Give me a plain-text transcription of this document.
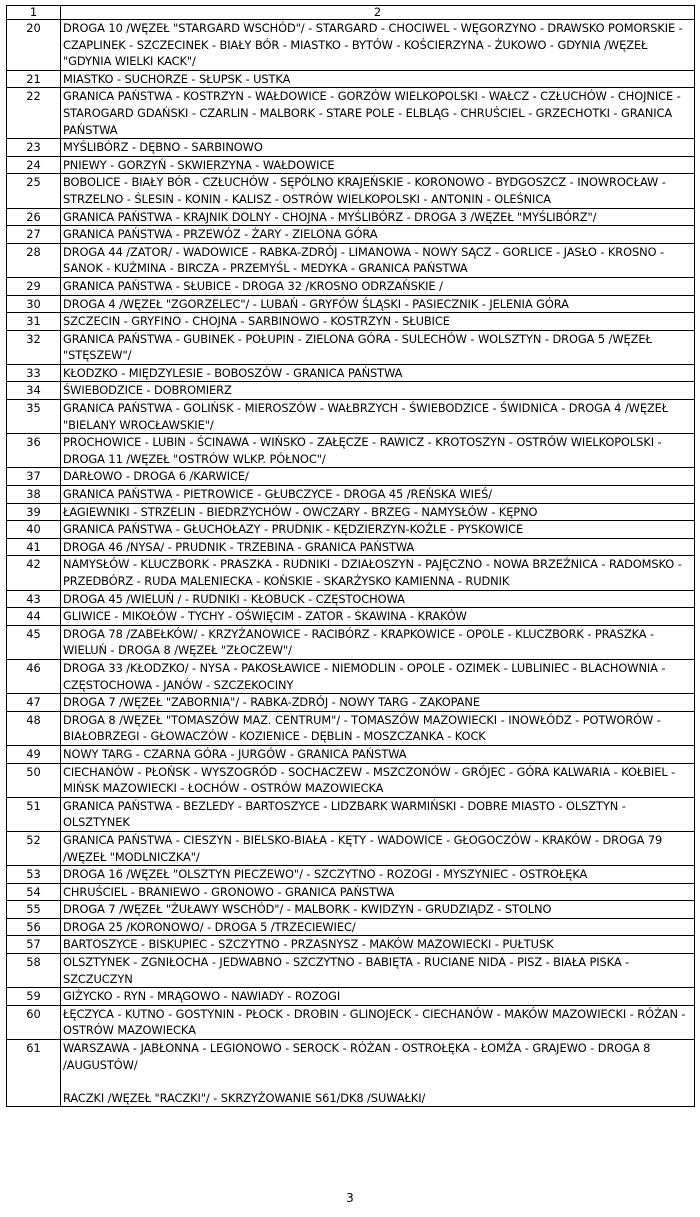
1	2
20	DROGA 10 /WĘZEŁ "STARGARD WSCHÓD"/ - STARGARD - CHOCIWEL - WĘGORZYNO - DRAWSKO POMORSKIE - CZAPLINEK - SZCZECINEK - BIAŁY BÓR - MIASTKO - BYTÓW - KOŚCIERZYNA - ŻUKOWO - GDYNIA /WĘZEŁ "GDYNIA WIELKI KACK"/
21	MIASTKO - SUCHORZE - SŁUPSK - USTKA
22	GRANICA PAŃSTWA - KOSTRZYN - WAŁDOWICE - GORZÓW WIELKOPOLSKI - WAŁCZ - CZŁUCHÓW - CHOJNICE - STAROGARD GDAŃSKI - CZARLIN - MALBORK - STARE POLE - ELBLĄG - CHRUŚCIEL - GRZECHOTKI - GRANICA PAŃSTWA
23	MYŚLIBÓRZ - DĘBNO - SARBINOWO
24	PNIEWY - GORZYŃ - SKWIERZYNA - WAŁDOWICE
25	BOBOLICE - BIAŁY BÓR - CZŁUCHÓW - SĘPÓLNO KRAJEŃSKIE - KORONOWO - BYDGOSZCZ - INOWROCŁAW - STRZELNO - ŚLESIN - KONIN - KALISZ - OSTRÓW WIELKOPOLSKI - ANTONIN - OLEŚNICA
26	GRANICA PAŃSTWA - KRAJNIK DOLNY - CHOJNA - MYŚLIBÓRZ - DROGA 3 /WĘZEŁ "MYŚLIBÓRZ"/
27	GRANICA PAŃSTWA - PRZEWÓZ - ŻARY - ZIELONA GÓRA
28	DROGA 44 /ZATOR/ - WADOWICE - RABKA-ZDRÓJ - LIMANOWA - NOWY SĄCZ - GORLICE - JASŁO - KROSNO - SANOK - KUŹMINA - BIRCZA - PRZEMYŚL - MEDYKA - GRANICA PAŃSTWA
29	GRANICA PAŃSTWA - SŁUBICE - DROGA 32 /KROSNO ODRZAŃSKIE /
30	DROGA 4 /WĘZEŁ "ZGORZELEC"/ - LUBAŃ - GRYFÓW ŚLĄSKI - PASIECZNIK - JELENIA GÓRA
31	SZCZECIN - GRYFINO - CHOJNA - SARBINOWO - KOSTRZYN - SŁUBICE
32	GRANICA PAŃSTWA - GUBINEK - POŁUPIN - ZIELONA GÓRA - SULECHÓW - WOLSZTYN - DROGA 5 /WĘZEŁ "STĘSZEW"/
33	KŁODZKO - MIĘDZYLESIE - BOBOSZÓW - GRANICA PAŃSTWA
34	ŚWIEBODZICE - DOBROMIERZ
35	GRANICA PAŃSTWA - GOLIŃSK - MIEROSZÓW - WAŁBRZYCH - ŚWIEBODZICE - ŚWIDNICA - DROGA 4 /WĘZEŁ "BIELANY WROCŁAWSKIE"/
36	PROCHOWICE - LUBIN - ŚCINAWA - WIŃSKO - ZAŁĘCZE - RAWICZ - KROTOSZYN - OSTRÓW WIELKOPOLSKI - DROGA 11 /WĘZEŁ "OSTRÓW WLKP. PÓŁNOC"/
37	DARŁOWO - DROGA 6 /KARWICE/
38	GRANICA PAŃSTWA - PIETROWICE - GŁUBCZYCE - DROGA 45 /REŃSKA WIEŚ/
39	ŁAGIEWNIKI - STRZELIN - BIEDRZYCHÓW - OWCZARY - BRZEG - NAMYSŁÓW - KĘPNO
40	GRANICA PAŃSTWA - GŁUCHOŁAZY - PRUDNIK - KĘDZIERZYN-KOŹLE - PYSKOWICE
41	DROGA 46 /NYSA/ - PRUDNIK - TRZEBINA - GRANICA PAŃSTWA
42	NAMYSŁÓW - KLUCZBORK - PRASZKA - RUDNIKI - DZIAŁOSZYN - PAJĘCZNO - NOWA BRZEŹNICA - RADOMSKO - PRZEDBÓRZ - RUDA MALENIECKA - KOŃSKIE - SKARŻYSKO KAMIENNA - RUDNIK
43	DROGA 45 /WIELUŃ / - RUDNIKI - KŁOBUCK - CZĘSTOCHOWA
44	GLIWICE - MIKOŁÓW - TYCHY - OŚWIĘCIM - ZATOR - SKAWINA - KRAKÓW
45	DROGA 78 /ZABEŁKÓW/ - KRZYŻANOWICE - RACIBÓRZ - KRAPKOWICE - OPOLE - KLUCZBORK - PRASZKA - WIELUŃ - DROGA 8 /WĘZEŁ "ZŁOCZEW"/
46	DROGA 33 /KŁODZKO/ - NYSA - PAKOSŁAWICE - NIEMODLIN - OPOLE - OZIMEK - LUBLINIEC - BLACHOWNIA - CZĘSTOCHOWA - JANÓW - SZCZEKOCINY
47	DROGA 7 /WĘZEŁ "ZABORNIA"/ - RABKA-ZDRÓJ - NOWY TARG - ZAKOPANE
48	DROGA 8 /WĘZEŁ "TOMASZÓW MAZ. CENTRUM"/ - TOMASZÓW MAZOWIECKI - INOWŁÓDZ - POTWORÓW - BIAŁOBRZEGI - GŁOWACZÓW - KOZIENICE - DĘBLIN - MOSZCZANKA - KOCK
49	NOWY TARG - CZARNA GÓRA - JURGÓW - GRANICA PAŃSTWA
50	CIECHANÓW - PŁOŃSK - WYSZOGRÓD - SOCHACZEW - MSZCZONÓW - GRÓJEC - GÓRA KALWARIA - KOŁBIEL - MIŃSK MAZOWIECKI - ŁOCHÓW - OSTRÓW MAZOWIECKA
51	GRANICA PAŃSTWA - BEZLEDY - BARTOSZYCE - LIDZBARK WARMIŃSKI - DOBRE MIASTO - OLSZTYN - OLSZTYNEK
52	GRANICA PAŃSTWA - CIESZYN - BIELSKO-BIAŁA - KĘTY - WADOWICE - GŁOGOCZÓW - KRAKÓW - DROGA 79 /WĘZEŁ "MODLNICZKA"/
53	DROGA 16 /WĘZEŁ "OLSZTYN PIECZEWO"/ - SZCZYTNO - ROZOGI - MYSZYNIEC - OSTROŁĘKA
54	CHRUŚCIEL - BRANIEWO - GRONOWO - GRANICA PAŃSTWA
55	DROGA 7 /WĘZEŁ "ŻUŁAWY WSCHÓD"/ - MALBORK - KWIDZYN - GRUDZIĄDZ - STOLNO
56	DROGA 25 /KORONOWO/ - DROGA 5 /TRZECIEWIEC/
57	BARTOSZYCE - BISKUPIEC - SZCZYTNO - PRZASNYSZ - MAKÓW MAZOWIECKI - PUŁTUSK
58	OLSZTYNEK - ZGNIŁOCHA - JEDWABNO - SZCZYTNO - BABIĘTA - RUCIANE NIDA - PISZ - BIAŁA PISKA - SZCZUCZYN
59	GIŻYCKO - RYN - MRĄGOWO - NAWIADY - ROZOGI
60	ŁĘCZYCA - KUTNO - GOSTYNIN - PŁOCK - DROBIN - GLINOJECK - CIECHANÓW - MAKÓW MAZOWIECKI - RÓŻAN - OSTRÓW MAZOWIECKA
61	WARSZAWA - JABŁONNA - LEGIONOWO - SEROCK - RÓŻAN - OSTROŁĘKA - ŁOMŻA - GRAJEWO - DROGA 8 /AUGUSTÓW/

RACZKI /WĘZEŁ "RACZKI"/ - SKRZYŻOWANIE S61/DK8 /SUWAŁKI/
3
